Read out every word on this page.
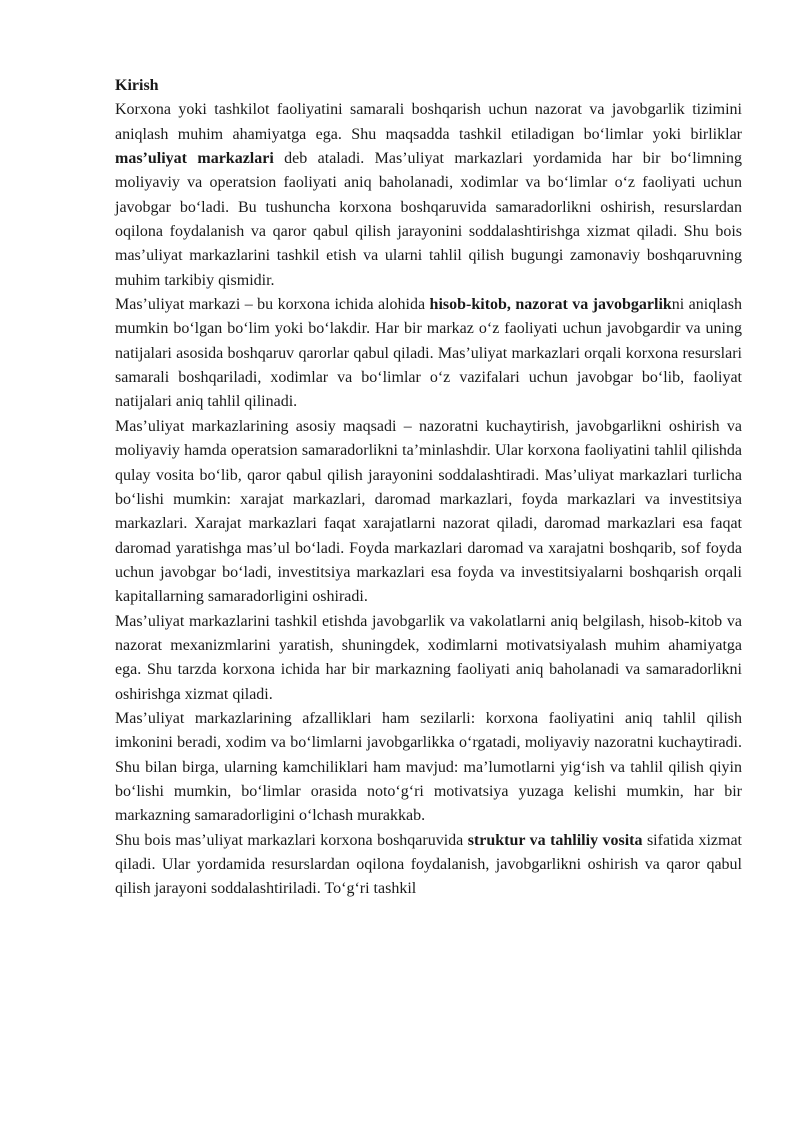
Kirish

Korxona yoki tashkilot faoliyatini samarali boshqarish uchun nazorat va javobgarlik tizimini aniqlash muhim ahamiyatga ega. Shu maqsadda tashkil etiladigan bo‘limlar yoki birliklar mas’uliyat markazlari deb ataladi. Mas’uliyat markazlari yordamida har bir bo‘limning moliyaviy va operatsion faoliyati aniq baholanadi, xodimlar va bo‘limlar o‘z faoliyati uchun javobgar bo‘ladi. Bu tushuncha korxona boshqaruvida samaradorlikni oshirish, resurslardan oqilona foydalanish va qaror qabul qilish jarayonini soddalashtirishga xizmat qiladi. Shu bois mas’uliyat markazlarini tashkil etish va ularni tahlil qilish bugungi zamonaviy boshqaruvning muhim tarkibiy qismidir.

Mas’uliyat markazi – bu korxona ichida alohida hisob-kitob, nazorat va javobgarlikni aniqlash mumkin bo‘lgan bo‘lim yoki bo‘lakdir. Har bir markaz o‘z faoliyati uchun javobgardir va uning natijalari asosida boshqaruv qarorlar qabul qiladi. Mas’uliyat markazlari orqali korxona resurslari samarali boshqariladi, xodimlar va bo‘limlar o‘z vazifalari uchun javobgar bo‘lib, faoliyat natijalari aniq tahlil qilinadi.

Mas’uliyat markazlarining asosiy maqsadi – nazoratni kuchaytirish, javobgarlikni oshirish va moliyaviy hamda operatsion samaradorlikni ta’minlashdir. Ular korxona faoliyatini tahlil qilishda qulay vosita bo‘lib, qaror qabul qilish jarayonini soddalashtiradi. Mas’uliyat markazlari turlicha bo‘lishi mumkin: xarajat markazlari, daromad markazlari, foyda markazlari va investitsiya markazlari. Xarajat markazlari faqat xarajatlarni nazorat qiladi, daromad markazlari esa faqat daromad yaratishga mas’ul bo‘ladi. Foyda markazlari daromad va xarajatni boshqarib, sof foyda uchun javobgar bo‘ladi, investitsiya markazlari esa foyda va investitsiyalarni boshqarish orqali kapitallarning samaradorligini oshiradi.

Mas’uliyat markazlarini tashkil etishda javobgarlik va vakolatlarni aniq belgilash, hisob-kitob va nazorat mexanizmlarini yaratish, shuningdek, xodimlarni motivatsiyalash muhim ahamiyatga ega. Shu tarzda korxona ichida har bir markazning faoliyati aniq baholanadi va samaradorlikni oshirishga xizmat qiladi.

Mas’uliyat markazlarining afzalliklari ham sezilarli: korxona faoliyatini aniq tahlil qilish imkonini beradi, xodim va bo‘limlarni javobgarlikka o‘rgatadi, moliyaviy nazoratni kuchaytiradi. Shu bilan birga, ularning kamchiliklari ham mavjud: ma’lumotlarni yig‘ish va tahlil qilish qiyin bo‘lishi mumkin, bo‘limlar orasida noto‘g‘ri motivatsiya yuzaga kelishi mumkin, har bir markazning samaradorligini o‘lchash murakkab.

Shu bois mas’uliyat markazlari korxona boshqaruvida struktur va tahliliy vosita sifatida xizmat qiladi. Ular yordamida resurslardan oqilona foydalanish, javobgarlikni oshirish va qaror qabul qilish jarayoni soddalashtiriladi. To‘g‘ri tashkil
